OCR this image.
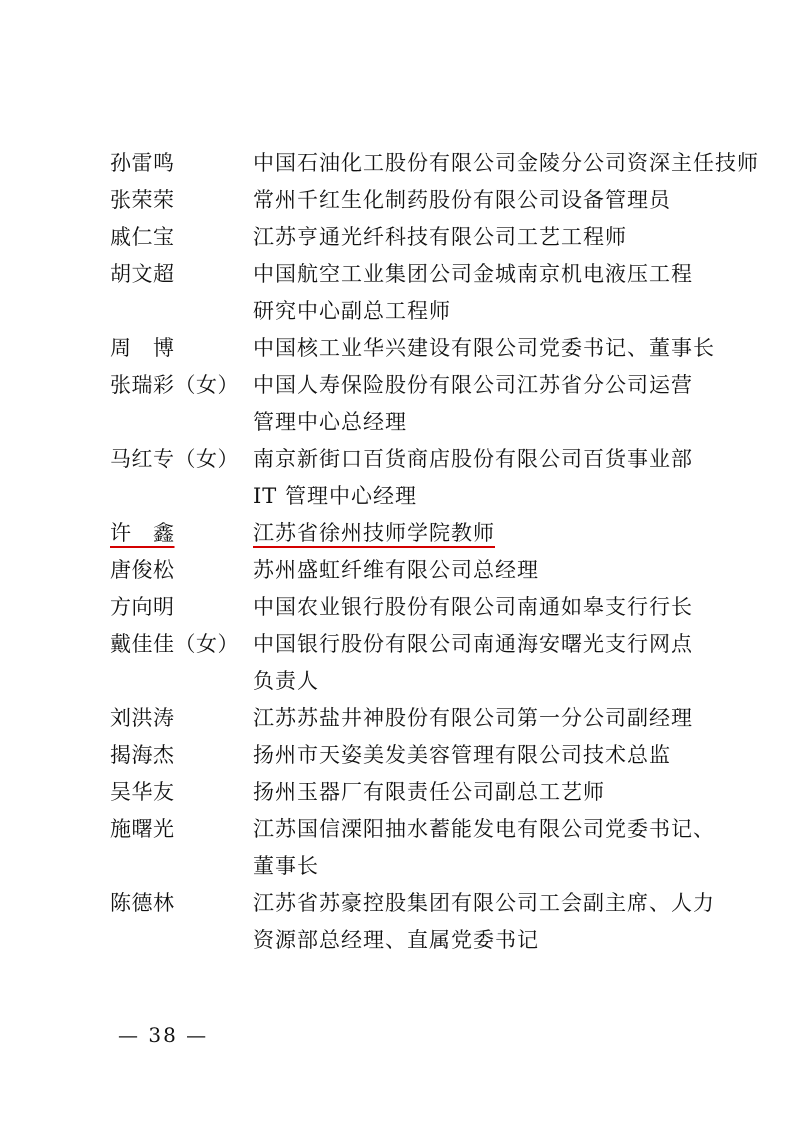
孙雷鸣	中国石油化工股份有限公司金陵分公司资深主任技师
张荣荣	常州千红生化制药股份有限公司设备管理员
戚仁宝	江苏亨通光纤科技有限公司工艺工程师
胡文超	中国航空工业集团公司金城南京机电液压工程
研究中心副总工程师
周　博	中国核工业华兴建设有限公司党委书记、董事长
张瑞彩（女） 中国人寿保险股份有限公司江苏省分公司运营
管理中心总经理
马红专（女） 南京新街口百货商店股份有限公司百货事业部
IT 管理中心经理
许　鑫	江苏省徐州技师学院教师
唐俊松	苏州盛虹纤维有限公司总经理
方向明	中国农业银行股份有限公司南通如皋支行行长
戴佳佳（女） 中国银行股份有限公司南通海安曙光支行网点
负责人
刘洪涛	江苏苏盐井神股份有限公司第一分公司副经理
揭海杰	扬州市天姿美发美容管理有限公司技术总监
吴华友	扬州玉器厂有限责任公司副总工艺师
施曙光	江苏国信溧阳抽水蓄能发电有限公司党委书记、
董事长
陈德林	江苏省苏豪控股集团有限公司工会副主席、人力
资源部总经理、直属党委书记
— 38 —
